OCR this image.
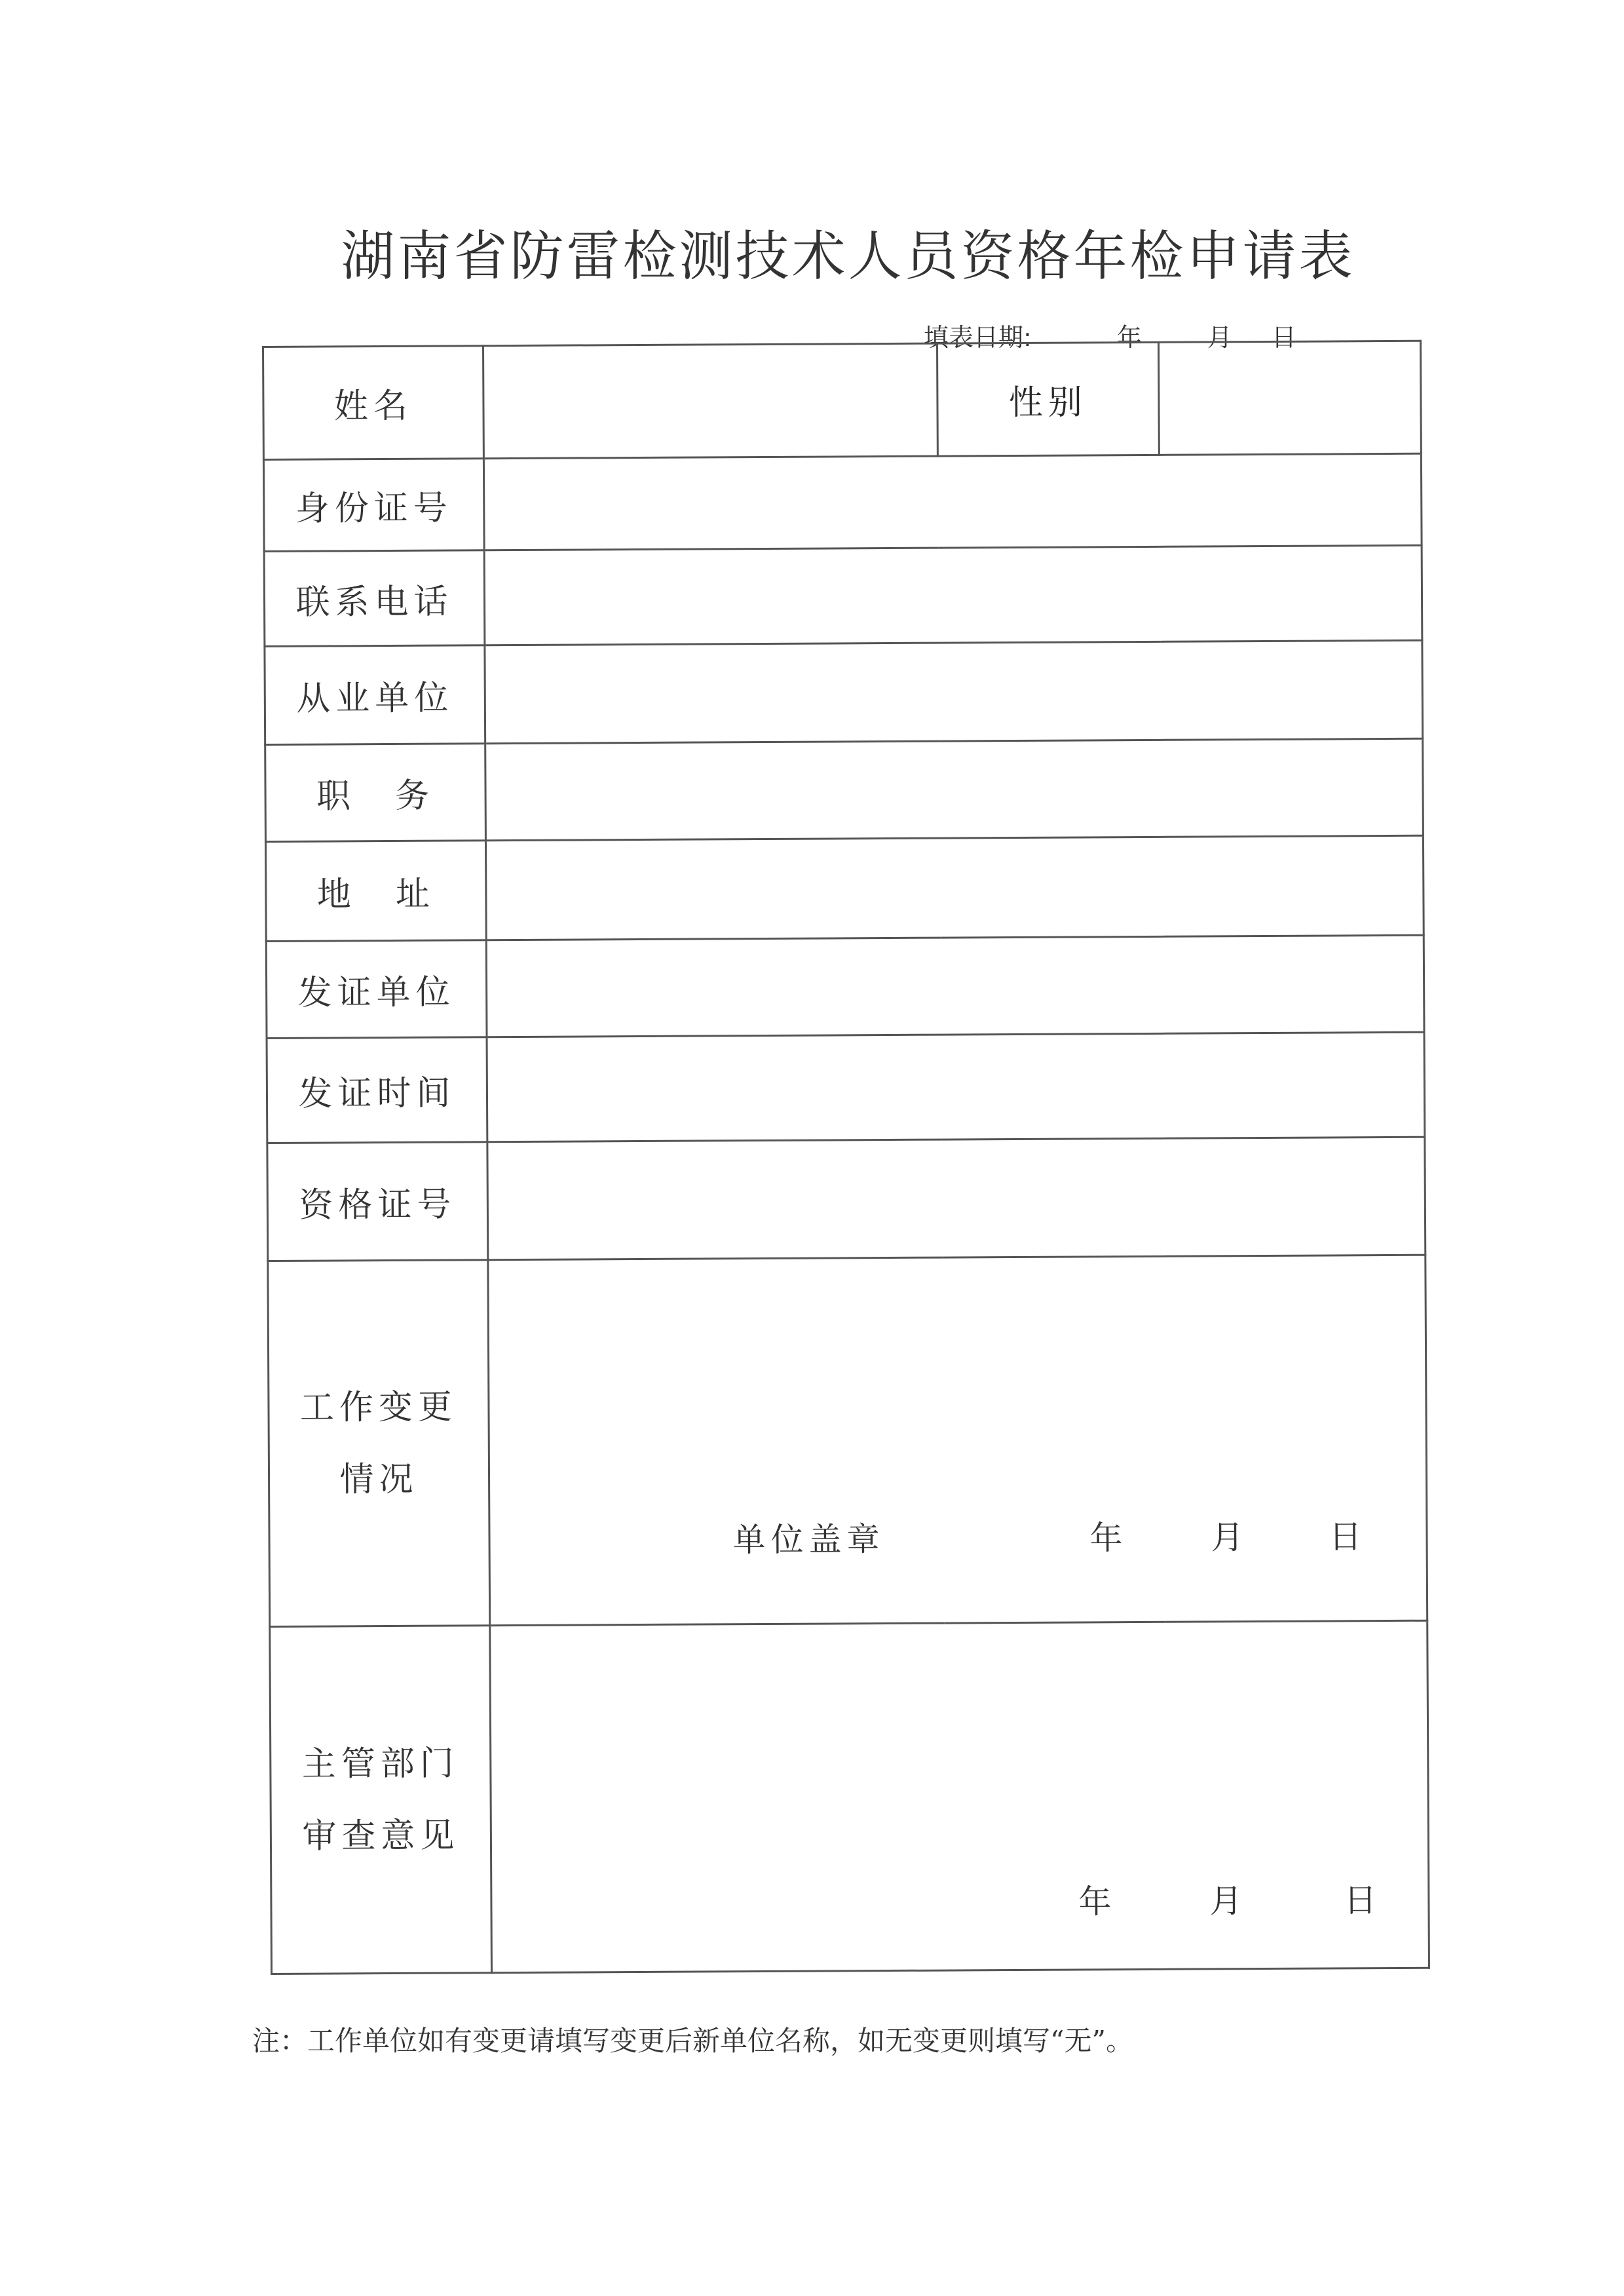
湖南省防雷检测技术人员资格年检申请表
填表日期:	年	月 日
姓名		性别	
身份证号			
联系电话			
从业单位			
职　务			
地　址			
发证单位			
发证时间			
资格证号			

工作变更
情况	单位盖章 年 月 日		

主管部门
审查意见	年 月 日		
注：工作单位如有变更请填写变更后新单位名称，如无变更则填写“无”。
